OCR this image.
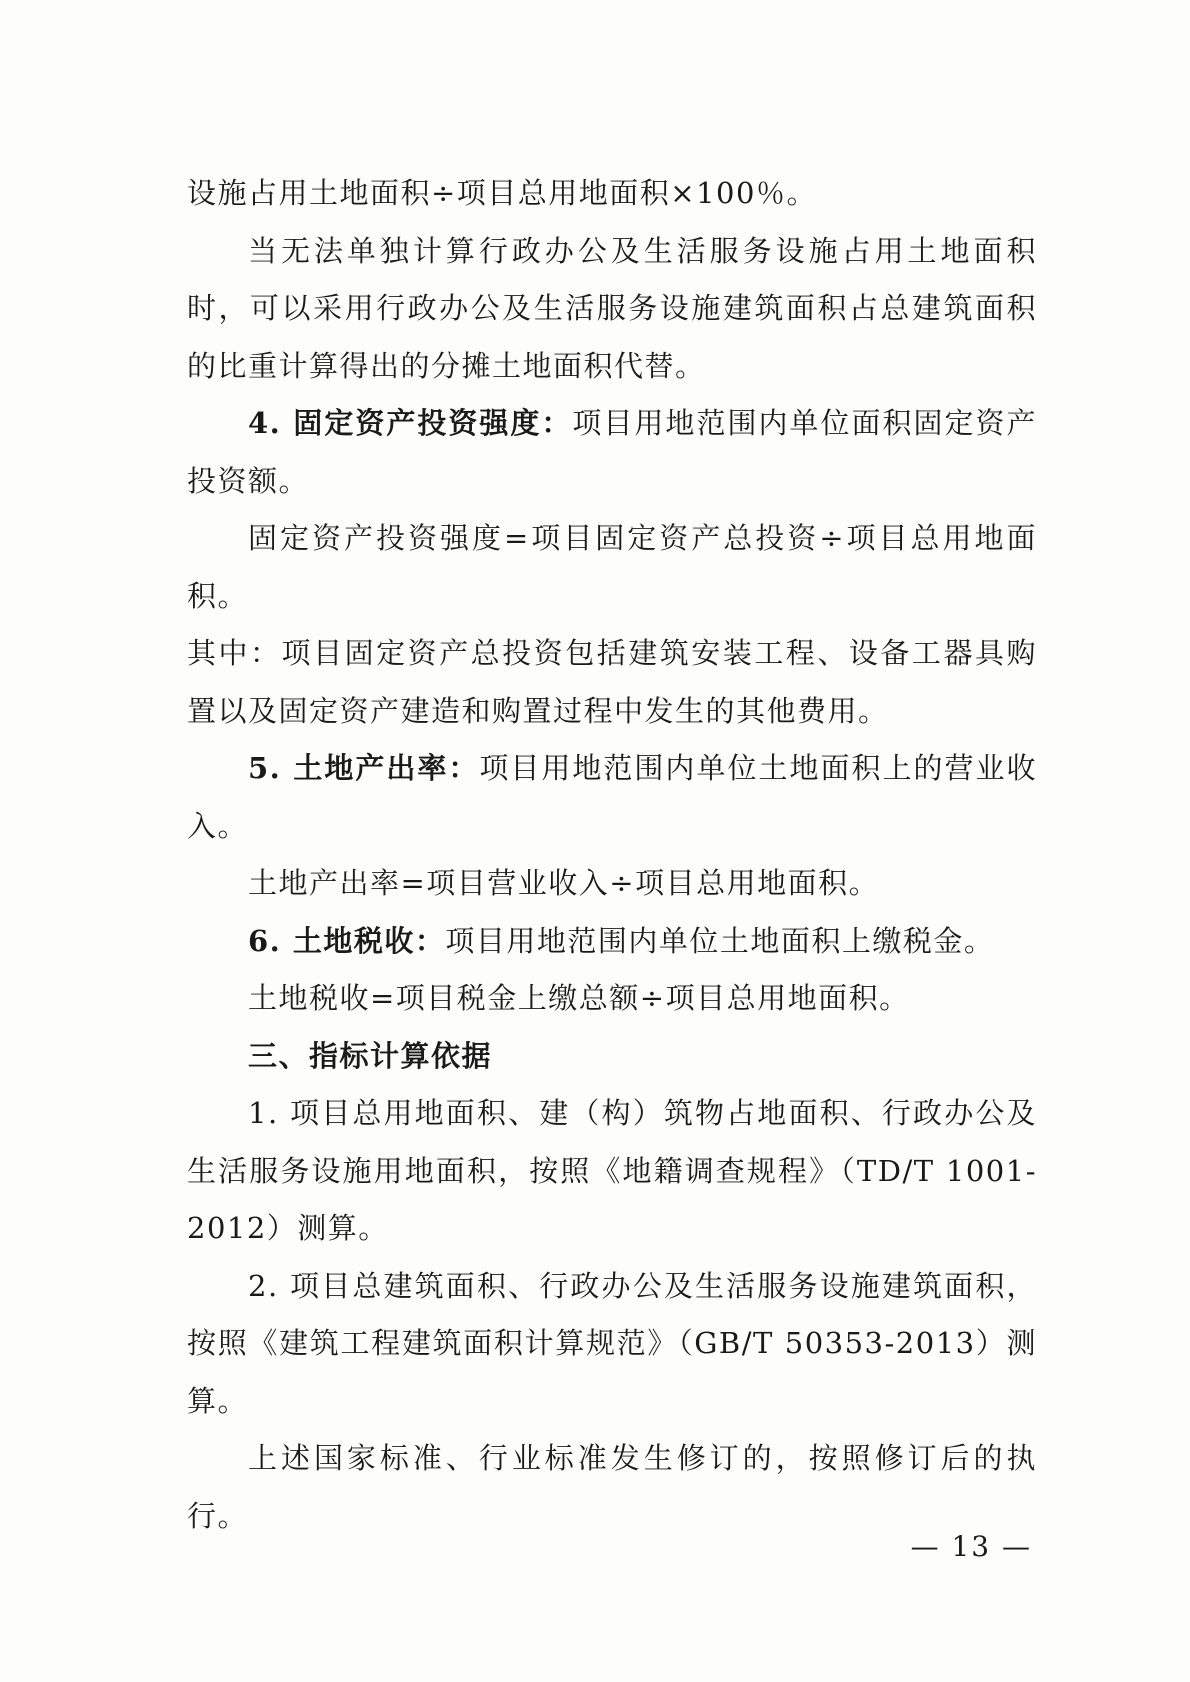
设施占用土地面积÷项目总用地面积×100％。

当无法单独计算行政办公及生活服务设施占用土地面积时，可以采用行政办公及生活服务设施建筑面积占总建筑面积的比重计算得出的分摊土地面积代替。

4. 固定资产投资强度：项目用地范围内单位面积固定资产投资额。

固定资产投资强度=项目固定资产总投资÷项目总用地面积。

其中：项目固定资产总投资包括建筑安装工程、设备工器具购置以及固定资产建造和购置过程中发生的其他费用。

5. 土地产出率：项目用地范围内单位土地面积上的营业收入。

土地产出率=项目营业收入÷项目总用地面积。

6. 土地税收：项目用地范围内单位土地面积上缴税金。

土地税收=项目税金上缴总额÷项目总用地面积。

三、指标计算依据

1. 项目总用地面积、建（构）筑物占地面积、行政办公及生活服务设施用地面积，按照《地籍调查规程》（TD/T 1001-2012）测算。

2. 项目总建筑面积、行政办公及生活服务设施建筑面积，按照《建筑工程建筑面积计算规范》（GB/T 50353-2013）测算。

上述国家标准、行业标准发生修订的，按照修订后的执行。

— 13 —
